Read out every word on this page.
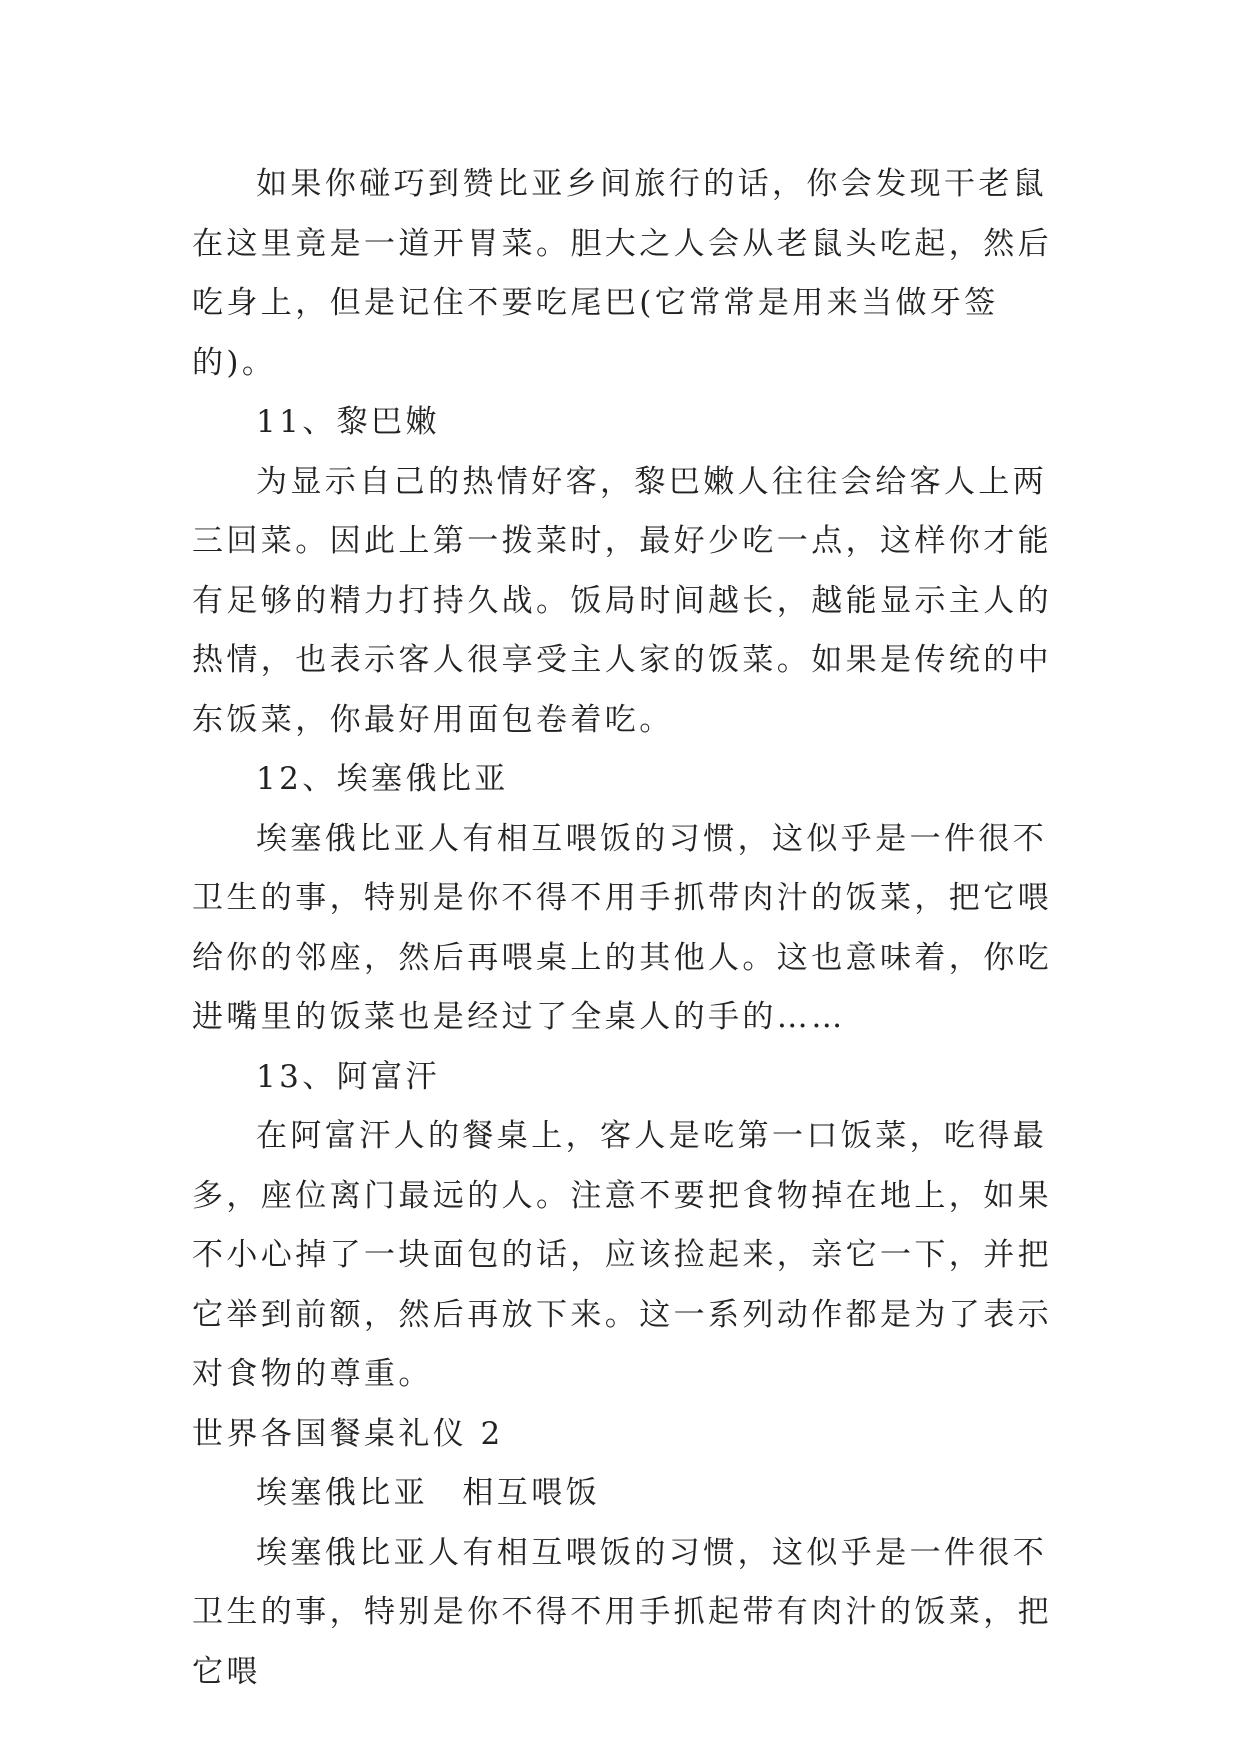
如果你碰巧到赞比亚乡间旅行的话，你会发现干老鼠在这里竟是一道开胃菜。胆大之人会从老鼠头吃起，然后吃身上，但是记住不要吃尾巴(它常常是用来当做牙签的)。

11、黎巴嫩

为显示自己的热情好客，黎巴嫩人往往会给客人上两三回菜。因此上第一拨菜时，最好少吃一点，这样你才能有足够的精力打持久战。饭局时间越长，越能显示主人的热情，也表示客人很享受主人家的饭菜。如果是传统的中东饭菜，你最好用面包卷着吃。

12、埃塞俄比亚

埃塞俄比亚人有相互喂饭的习惯，这似乎是一件很不卫生的事，特别是你不得不用手抓带肉汁的饭菜，把它喂给你的邻座，然后再喂桌上的其他人。这也意味着，你吃进嘴里的饭菜也是经过了全桌人的手的……

13、阿富汗

在阿富汗人的餐桌上，客人是吃第一口饭菜，吃得最多，座位离门最远的人。注意不要把食物掉在地上，如果不小心掉了一块面包的话，应该捡起来，亲它一下，并把它举到前额，然后再放下来。这一系列动作都是为了表示对食物的尊重。

世界各国餐桌礼仪 2

埃塞俄比亚　相互喂饭

埃塞俄比亚人有相互喂饭的习惯，这似乎是一件很不卫生的事，特别是你不得不用手抓起带有肉汁的饭菜，把它喂
